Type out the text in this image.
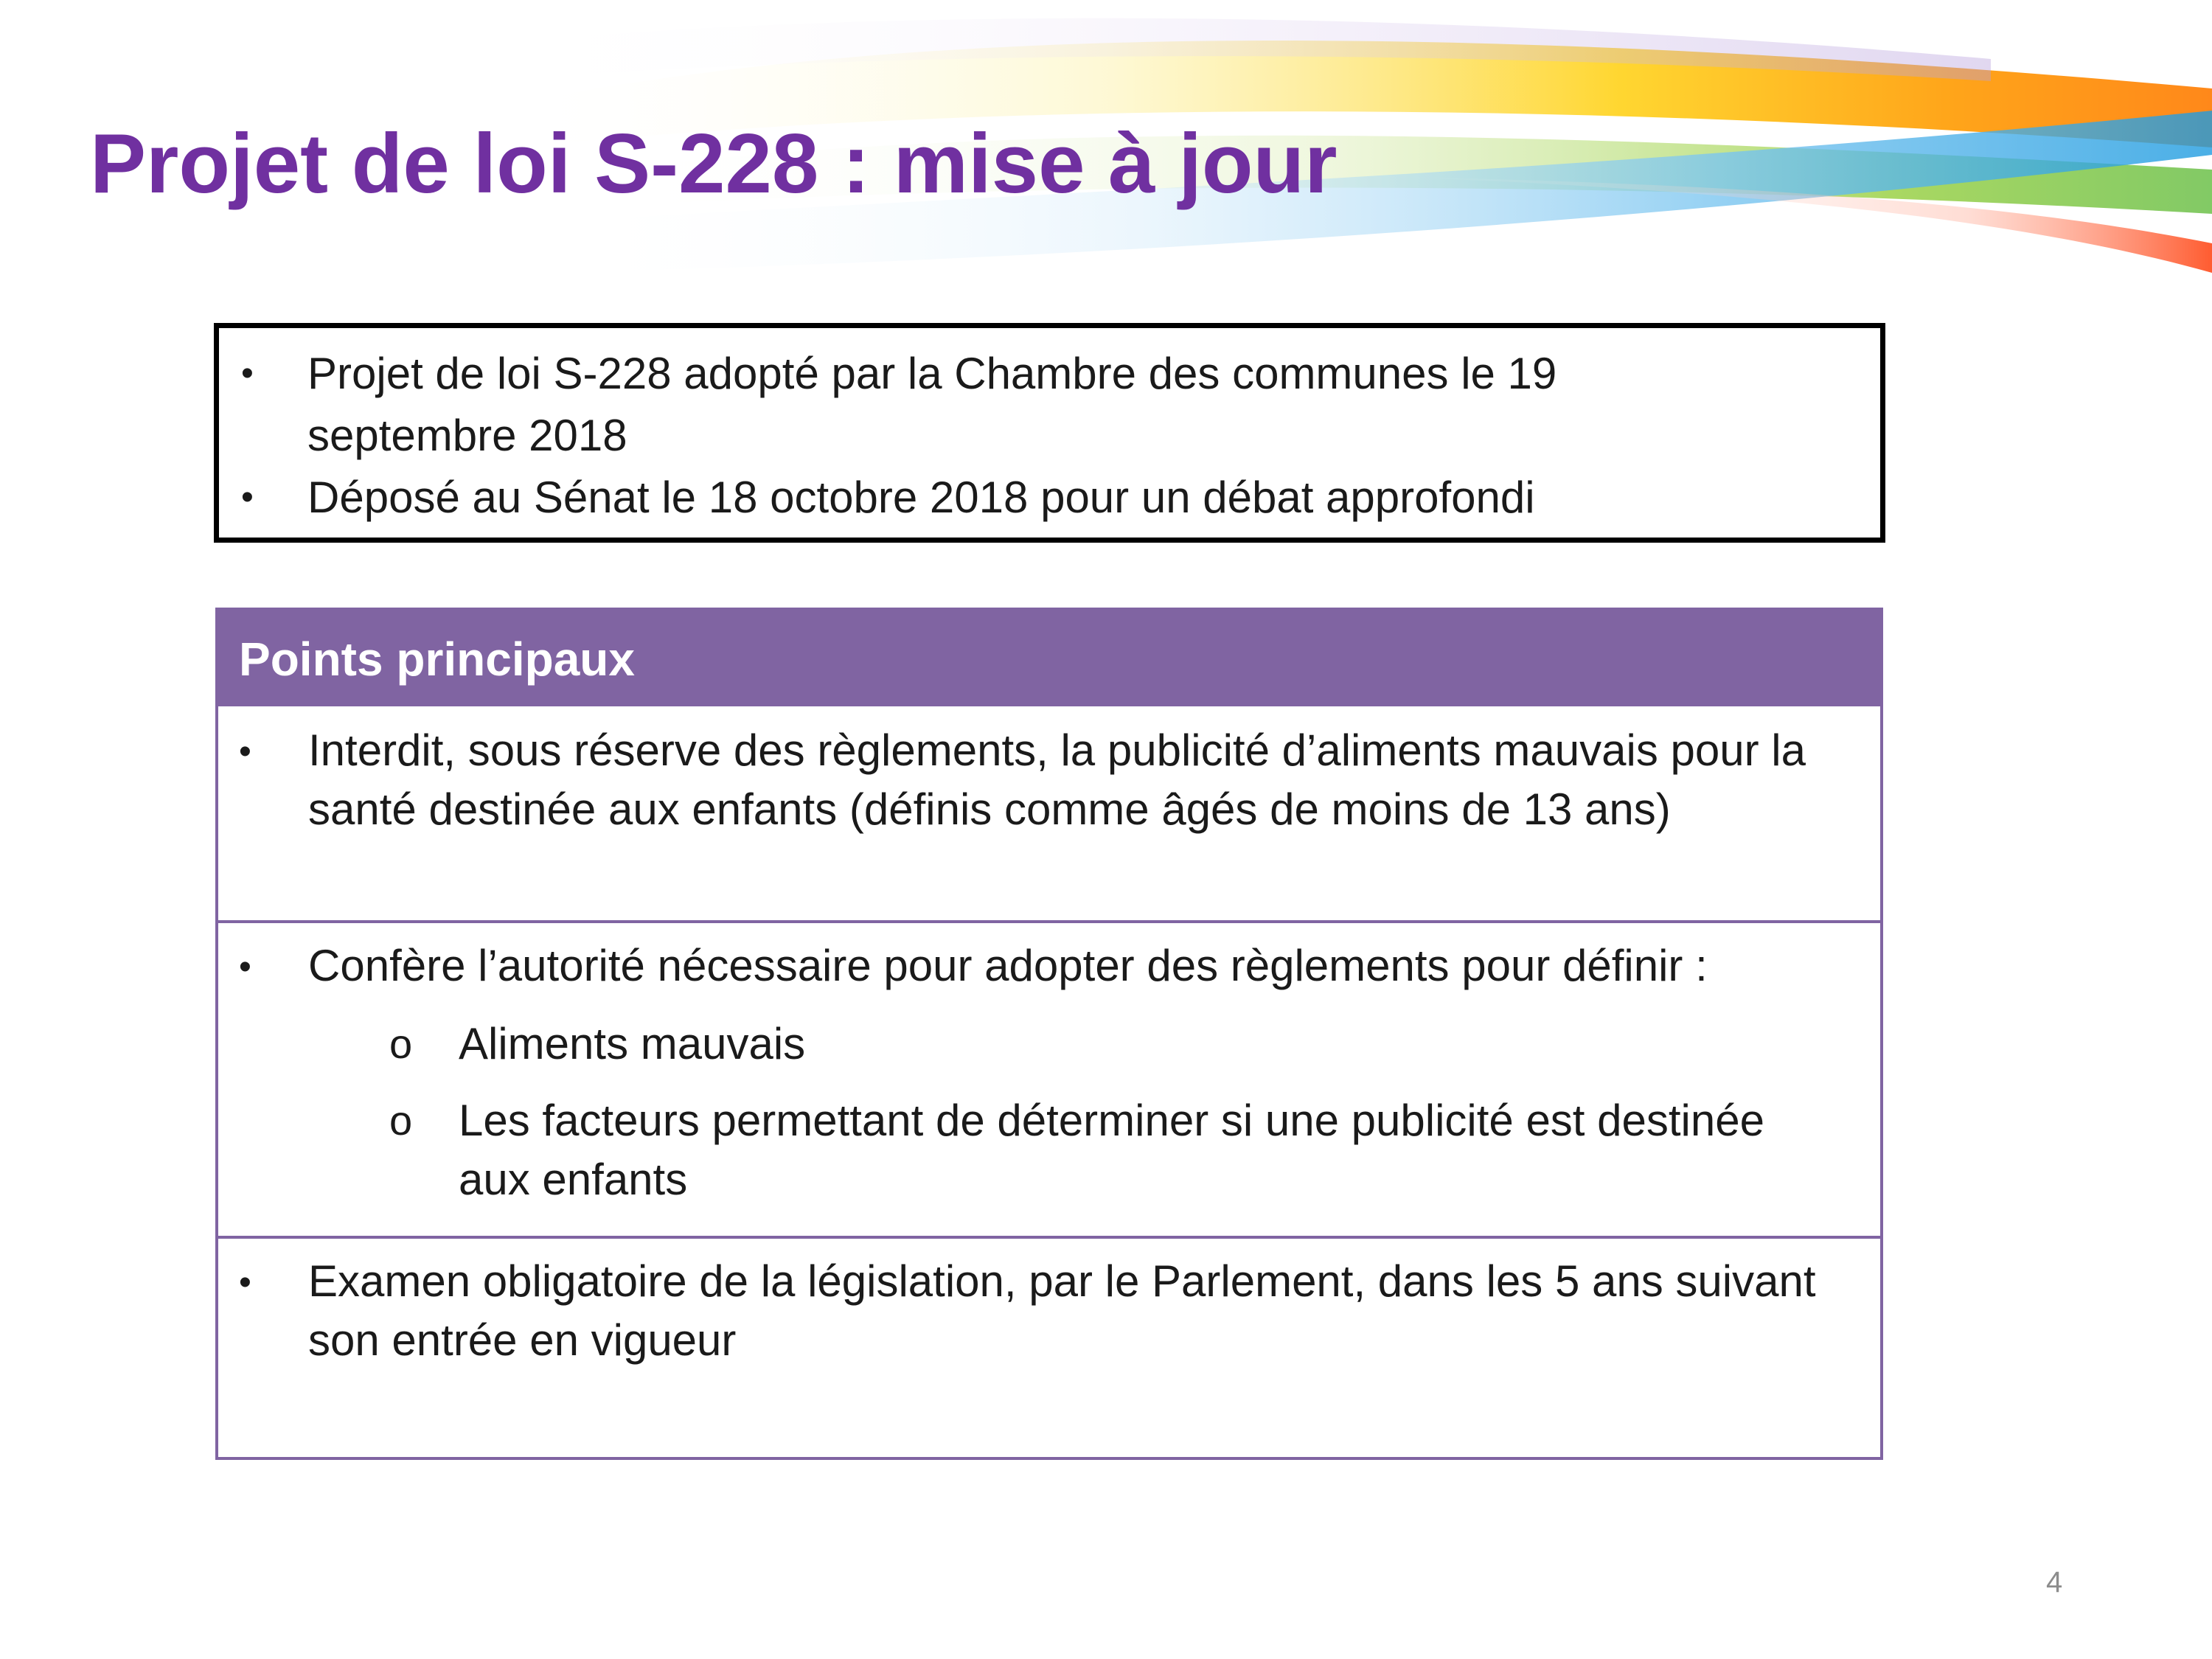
Projet de loi S-228 : mise à jour
• Projet de loi S-228 adopté par la Chambre des communes le 19
septembre 2018
• Déposé au Sénat le 18 octobre 2018 pour un débat approfondi
Points principaux
• Interdit, sous réserve des règlements, la publicité d’aliments mauvais pour la
santé destinée aux enfants (définis comme âgés de moins de 13 ans)
• Confère l’autorité nécessaire pour adopter des règlements pour définir :
o Aliments mauvais
o Les facteurs permettant de déterminer si une publicité est destinée
aux enfants
• Examen obligatoire de la législation, par le Parlement, dans les 5 ans suivant
son entrée en vigueur
4
